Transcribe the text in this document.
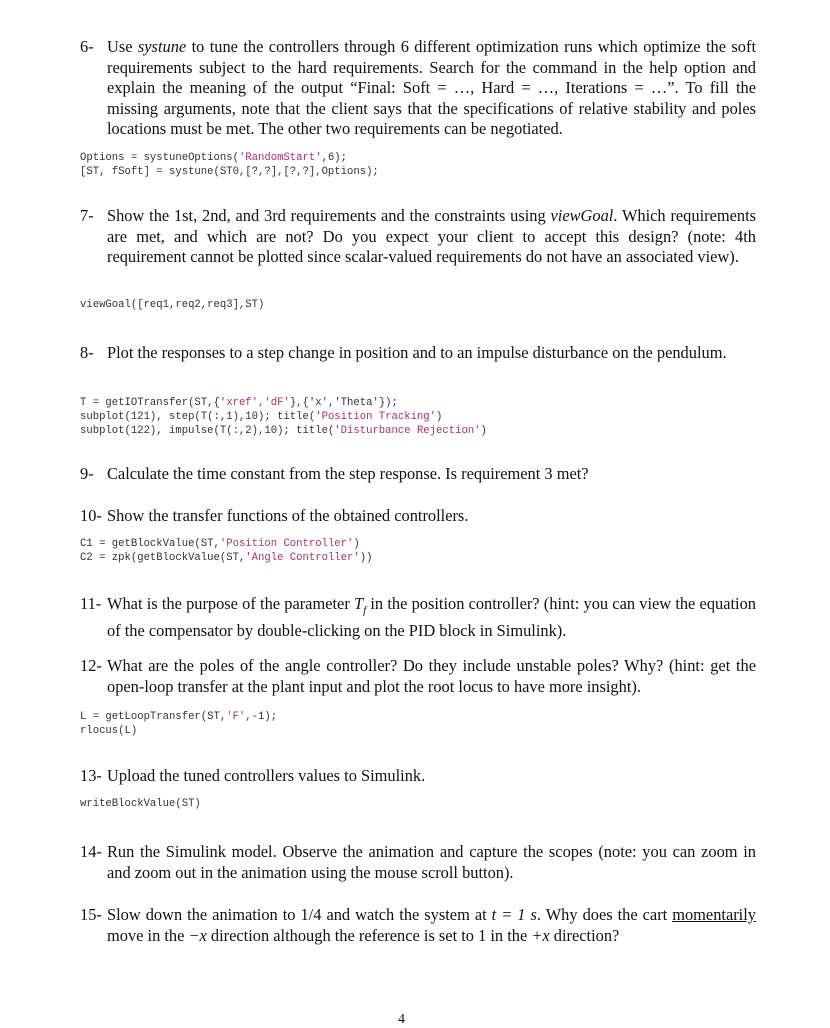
6- Use systune to tune the controllers through 6 different optimization runs which optimize the soft requirements subject to the hard requirements. Search for the command in the help option and explain the meaning of the output “Final: Soft = …, Hard = …, Iterations = …”. To fill the missing arguments, note that the client says that the specifications of relative stability and poles locations must be met. The other two requirements can be negotiated.
Options = systuneOptions('RandomStart',6);
[ST, fSoft] = systune(ST0,[?,?],[?,?],Options);
7- Show the 1st, 2nd, and 3rd requirements and the constraints using viewGoal. Which requirements are met, and which are not? Do you expect your client to accept this design? (note: 4th requirement cannot be plotted since scalar-valued requirements do not have an associated view).
viewGoal([req1,req2,req3],ST)
8- Plot the responses to a step change in position and to an impulse disturbance on the pendulum.
T = getIOTransfer(ST,{'xref','dF'},{'x','Theta'});
subplot(121), step(T(:,1),10); title('Position Tracking')
subplot(122), impulse(T(:,2),10); title('Disturbance Rejection')
9- Calculate the time constant from the step response. Is requirement 3 met?
10- Show the transfer functions of the obtained controllers.
C1 = getBlockValue(ST,'Position Controller')
C2 = zpk(getBlockValue(ST,'Angle Controller'))
11- What is the purpose of the parameter $T_f$ in the position controller? (hint: you can view the equation of the compensator by double-clicking on the PID block in Simulink).
12- What are the poles of the angle controller? Do they include unstable poles? Why? (hint: get the open-loop transfer at the plant input and plot the root locus to have more insight).
L = getLoopTransfer(ST,'F',-1);
rlocus(L)
13- Upload the tuned controllers values to Simulink.
writeBlockValue(ST)
14- Run the Simulink model. Observe the animation and capture the scopes (note: you can zoom in and zoom out in the animation using the mouse scroll button).
15- Slow down the animation to 1/4 and watch the system at t = 1 s. Why does the cart momentarily move in the −x direction although the reference is set to 1 in the +x direction?
4
